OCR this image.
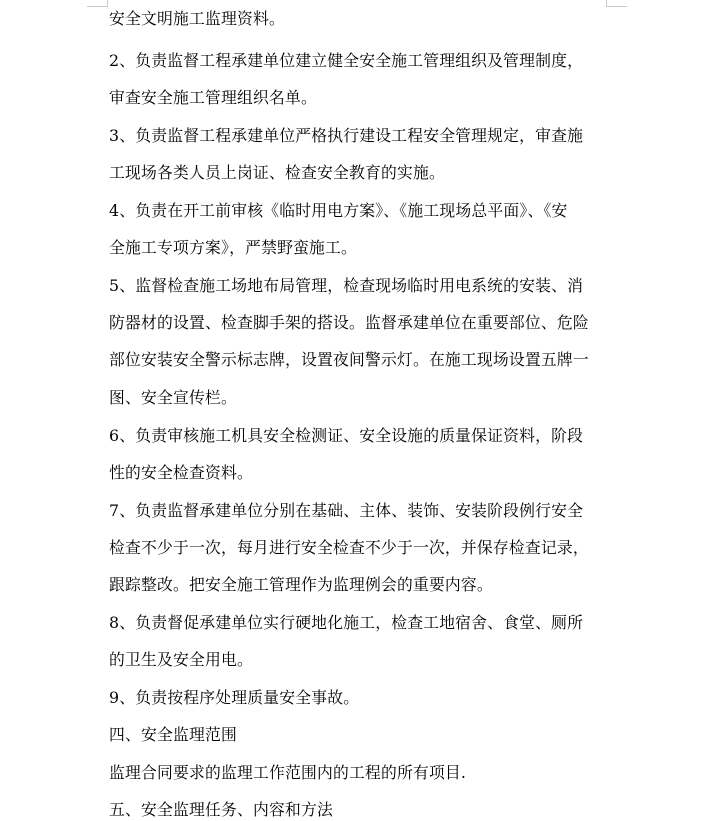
安全文明施工监理资料。
2、负责监督工程承建单位建立健全安全施工管理组织及管理制度，
审查安全施工管理组织名单。
3、负责监督工程承建单位严格执行建设工程安全管理规定，审查施
工现场各类人员上岗证、检查安全教育的实施。
4、负责在开工前审核《临时用电方案》、《施工现场总平面》、《安
全施工专项方案》，严禁野蛮施工。
5、监督检查施工场地布局管理，检查现场临时用电系统的安装、消
防器材的设置、检查脚手架的搭设。监督承建单位在重要部位、危险
部位安装安全警示标志牌，设置夜间警示灯。在施工现场设置五牌一
图、安全宣传栏。
6、负责审核施工机具安全检测证、安全设施的质量保证资料，阶段
性的安全检查资料。
7、负责监督承建单位分别在基础、主体、装饰、安装阶段例行安全
检查不少于一次，每月进行安全检查不少于一次，并保存检查记录，
跟踪整改。把安全施工管理作为监理例会的重要内容。
8、负责督促承建单位实行硬地化施工，检查工地宿舍、食堂、厕所
的卫生及安全用电。
9、负责按程序处理质量安全事故。
四、安全监理范围
监理合同要求的监理工作范围内的工程的所有项目.
五、安全监理任务、内容和方法
